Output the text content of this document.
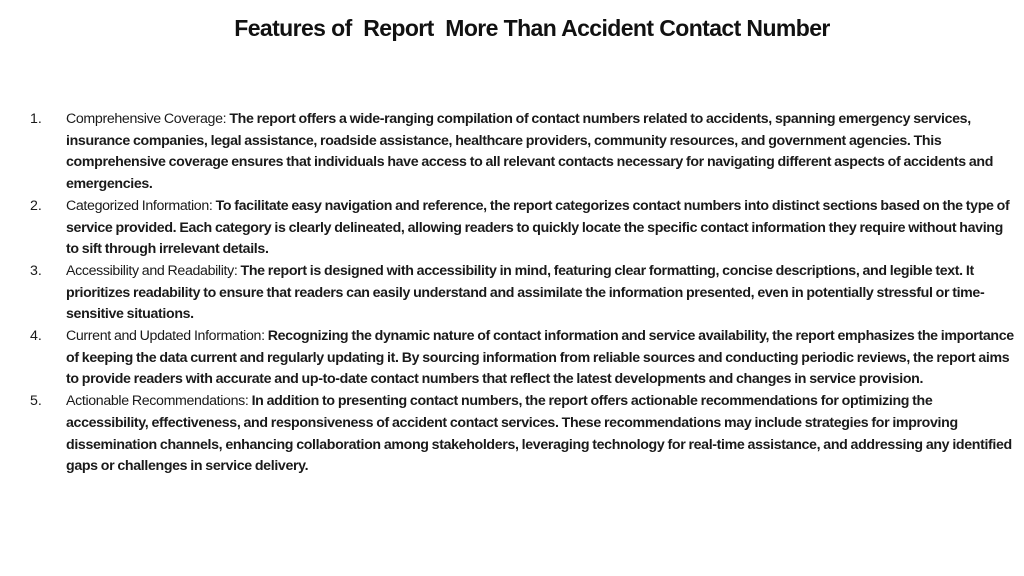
Features of  Report  More Than Accident Contact Number
1.	Comprehensive Coverage: The report offers a wide-ranging compilation of contact numbers related to accidents, spanning emergency services, insurance companies, legal assistance, roadside assistance, healthcare providers, community resources, and government agencies. This comprehensive coverage ensures that individuals have access to all relevant contacts necessary for navigating different aspects of accidents and emergencies.
2.	Categorized Information: To facilitate easy navigation and reference, the report categorizes contact numbers into distinct sections based on the type of service provided. Each category is clearly delineated, allowing readers to quickly locate the specific contact information they require without having to sift through irrelevant details.
3.	Accessibility and Readability: The report is designed with accessibility in mind, featuring clear formatting, concise descriptions, and legible text. It prioritizes readability to ensure that readers can easily understand and assimilate the information presented, even in potentially stressful or time-sensitive situations.
4.	Current and Updated Information: Recognizing the dynamic nature of contact information and service availability, the report emphasizes the importance of keeping the data current and regularly updating it. By sourcing information from reliable sources and conducting periodic reviews, the report aims to provide readers with accurate and up-to-date contact numbers that reflect the latest developments and changes in service provision.
5.	Actionable Recommendations: In addition to presenting contact numbers, the report offers actionable recommendations for optimizing the accessibility, effectiveness, and responsiveness of accident contact services. These recommendations may include strategies for improving dissemination channels, enhancing collaboration among stakeholders, leveraging technology for real-time assistance, and addressing any identified gaps or challenges in service delivery.
